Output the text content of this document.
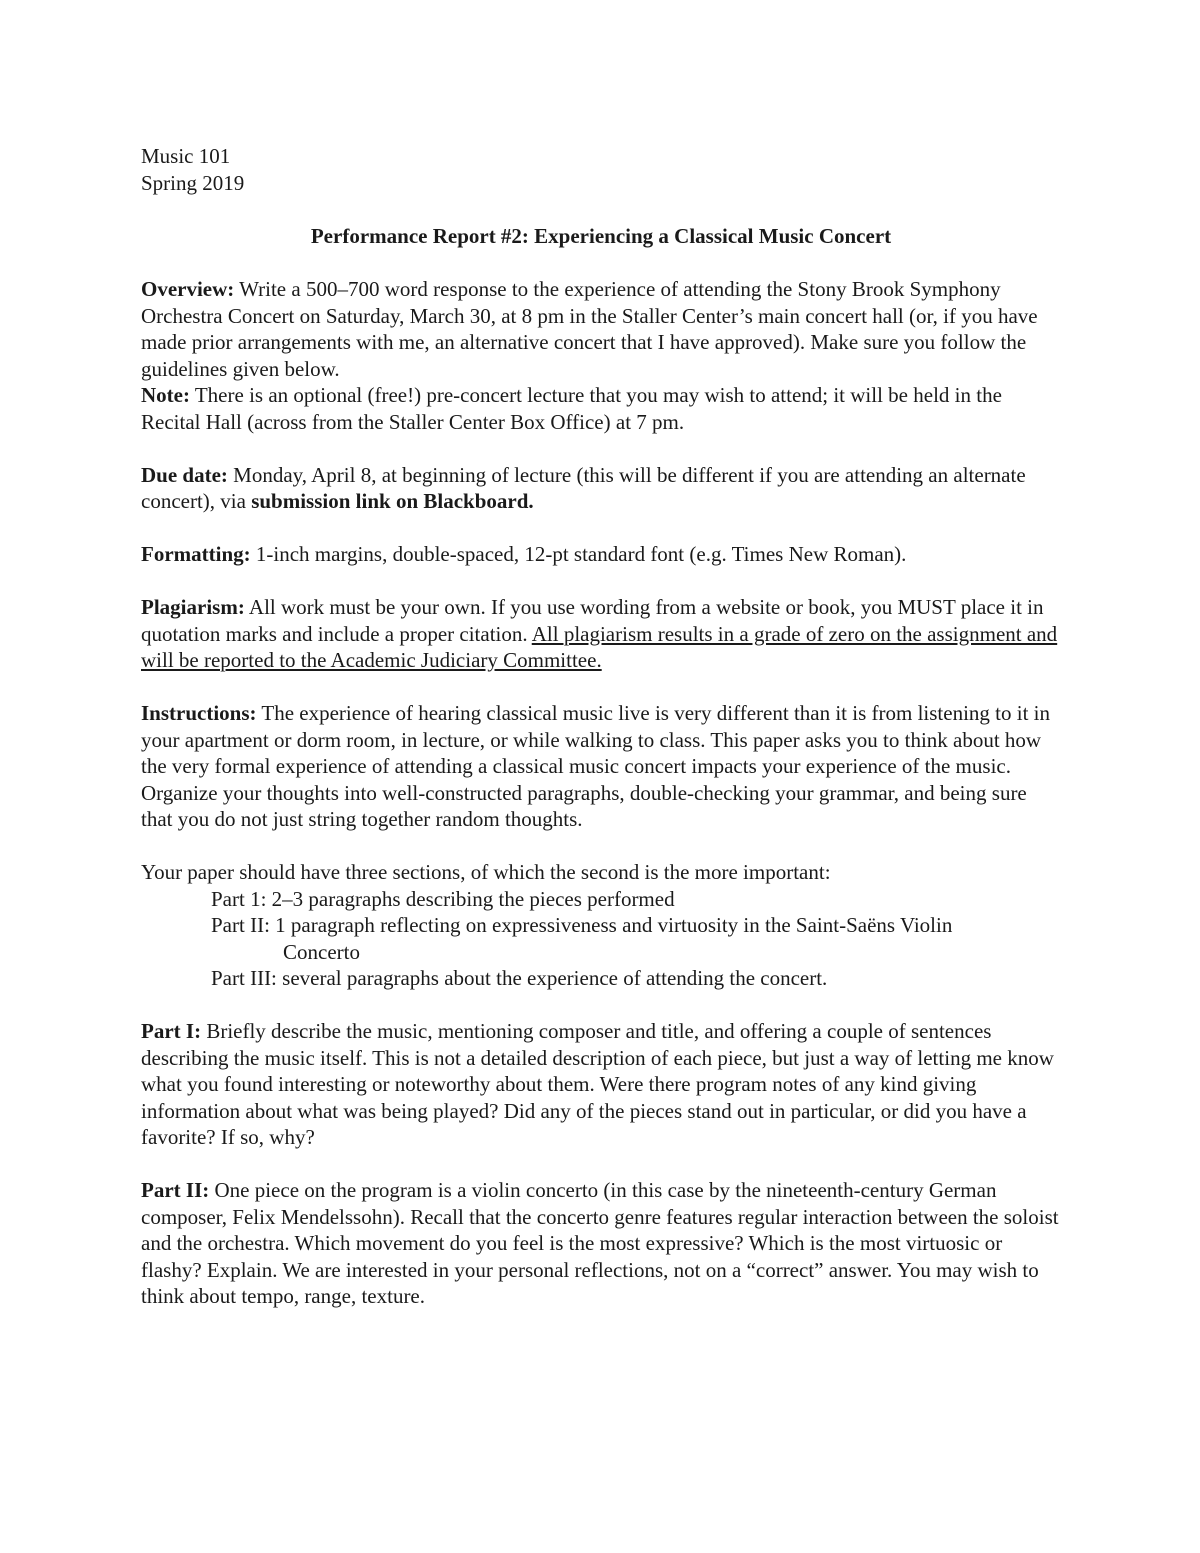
Music 101

Spring 2019

Performance Report #2: Experiencing a Classical Music Concert

Overview: Write a 500–700 word response to the experience of attending the Stony Brook Symphony Orchestra Concert on Saturday, March 30, at 8 pm in the Staller Center’s main concert hall (or, if you have made prior arrangements with me, an alternative concert that I have approved). Make sure you follow the guidelines given below.

Note: There is an optional (free!) pre-concert lecture that you may wish to attend; it will be held in the Recital Hall (across from the Staller Center Box Office) at 7 pm.

Due date: Monday, April 8, at beginning of lecture (this will be different if you are attending an alternate concert), via submission link on Blackboard.

Formatting: 1-inch margins, double-spaced, 12-pt standard font (e.g. Times New Roman).

Plagiarism: All work must be your own. If you use wording from a website or book, you MUST place it in quotation marks and include a proper citation. All plagiarism results in a grade of zero on the assignment and will be reported to the Academic Judiciary Committee.

Instructions: The experience of hearing classical music live is very different than it is from listening to it in your apartment or dorm room, in lecture, or while walking to class. This paper asks you to think about how the very formal experience of attending a classical music concert impacts your experience of the music. Organize your thoughts into well-constructed paragraphs, double-checking your grammar, and being sure that you do not just string together random thoughts.

Your paper should have three sections, of which the second is the more important:

Part 1: 2–3 paragraphs describing the pieces performed

Part II: 1 paragraph reflecting on expressiveness and virtuosity in the Saint-Saëns Violin

Concerto

Part III: several paragraphs about the experience of attending the concert.

Part I: Briefly describe the music, mentioning composer and title, and offering a couple of sentences describing the music itself. This is not a detailed description of each piece, but just a way of letting me know what you found interesting or noteworthy about them. Were there program notes of any kind giving information about what was being played? Did any of the pieces stand out in particular, or did you have a favorite? If so, why?

Part II: One piece on the program is a violin concerto (in this case by the nineteenth-century German composer, Felix Mendelssohn). Recall that the concerto genre features regular interaction between the soloist and the orchestra. Which movement do you feel is the most expressive? Which is the most virtuosic or flashy? Explain. We are interested in your personal reflections, not on a “correct” answer. You may wish to think about tempo, range, texture.
